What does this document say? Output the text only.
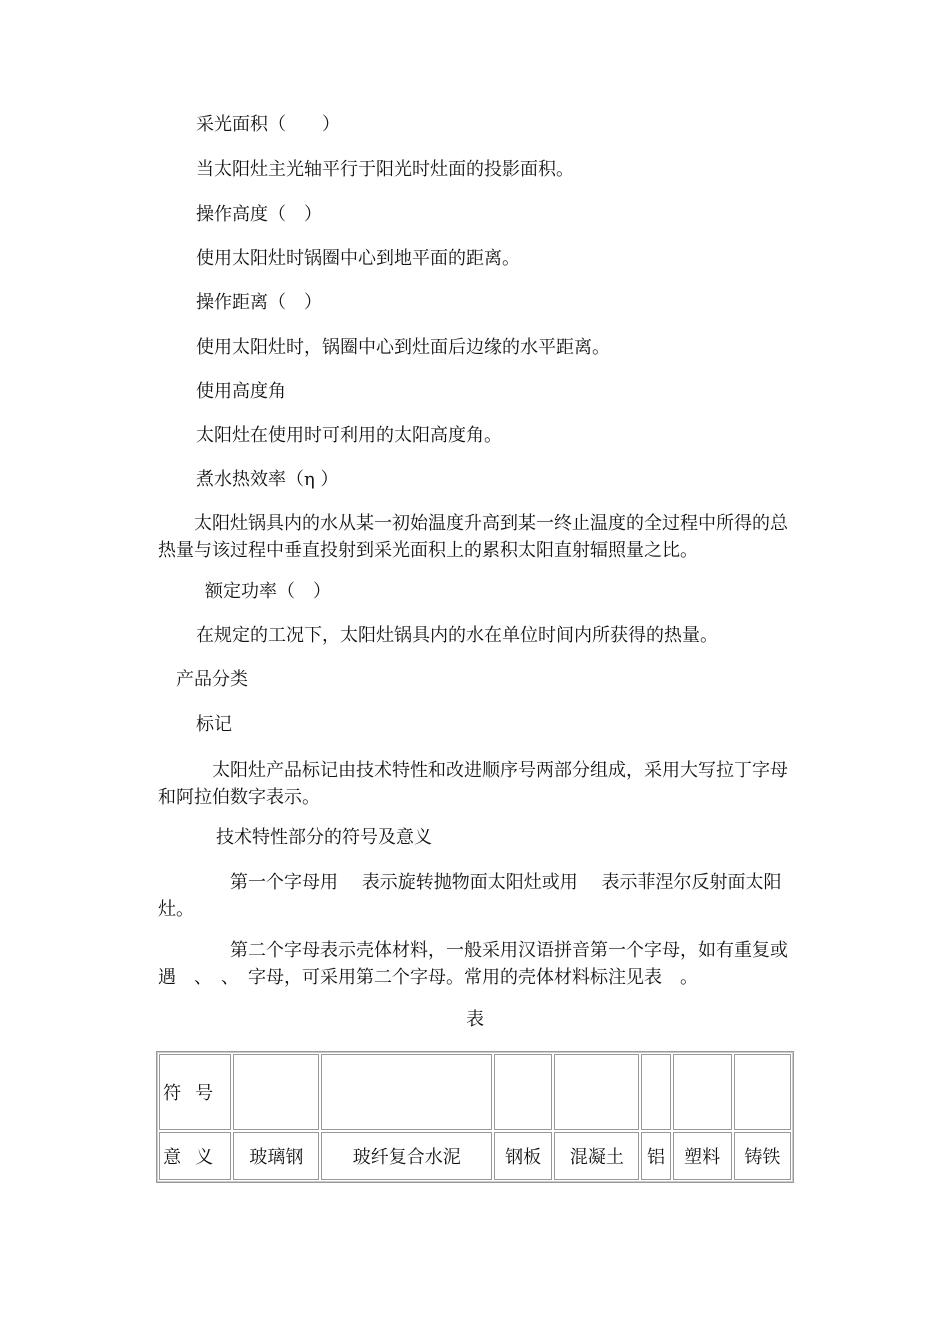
采光面积（　　）
当太阳灶主光轴平行于阳光时灶面的投影面积。
操作高度（　）
使用太阳灶时锅圈中心到地平面的距离。
操作距离（　）
使用太阳灶时，锅圈中心到灶面后边缘的水平距离。
使用高度角
太阳灶在使用时可利用的太阳高度角。
煮水热效率（η ）
　　太阳灶锅具内的水从某一初始温度升高到某一终止温度的全过程中所得的总热量与该过程中垂直投射到采光面积上的累积太阳直射辐照量之比。
额定功率（　）
在规定的工况下，太阳灶锅具内的水在单位时间内所获得的热量。
产品分类
标记
　　　太阳灶产品标记由技术特性和改进顺序号两部分组成，采用大写拉丁字母和阿拉伯数字表示。
技术特性部分的符号及意义
　　　　第一个字母用　 表示旋转抛物面太阳灶或用　 表示菲涅尔反射面太阳灶。
　　　　第二个字母表示壳体材料，一般采用汉语拼音第一个字母，如有重复或遇　、　、　字母，可采用第二个字母。常用的壳体材料标注见表　。
表
符号							
意义	玻璃钢	玻纤复合水泥	钢板	混凝土	铝	塑料	铸铁
